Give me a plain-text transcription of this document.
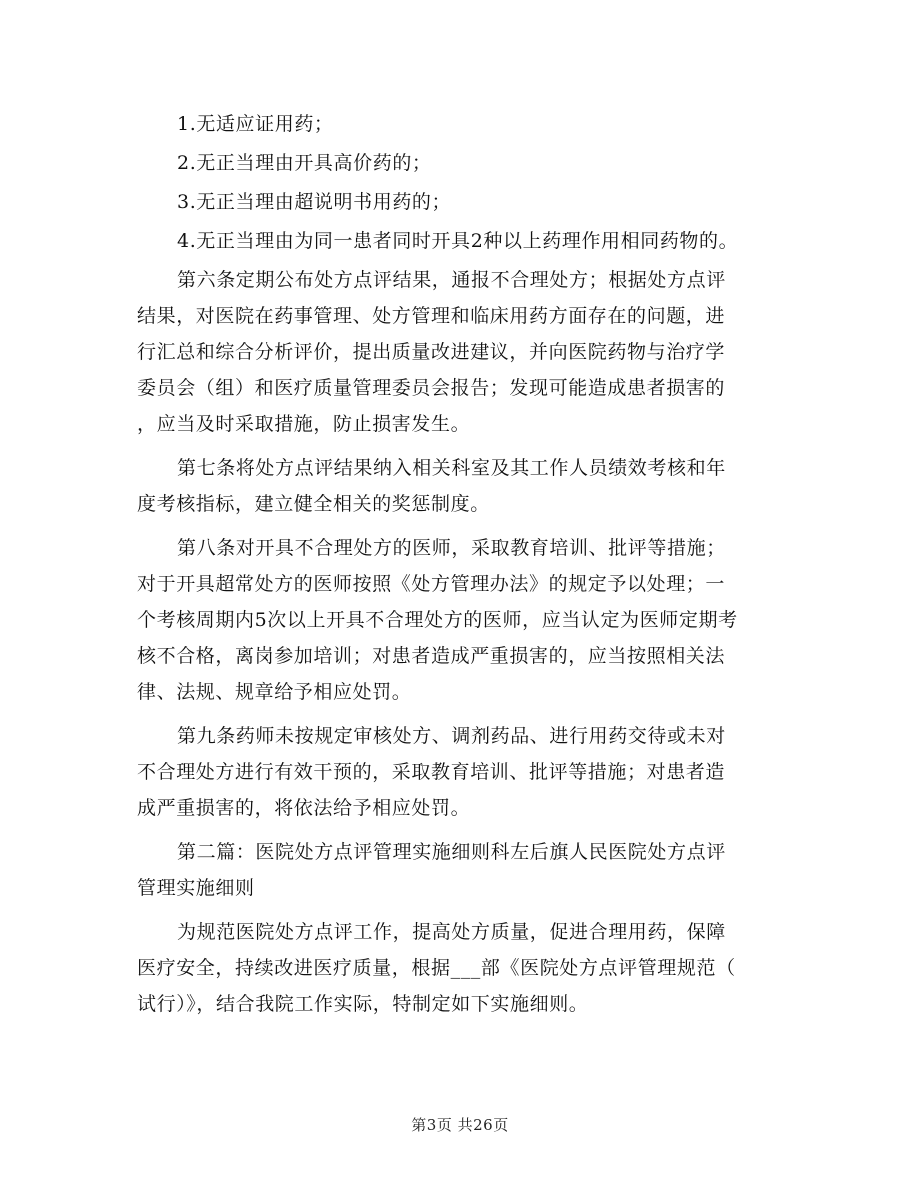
1.无适应证用药；
2.无正当理由开具高价药的；
3.无正当理由超说明书用药的；
4.无正当理由为同一患者同时开具2种以上药理作用相同药物的。
第六条定期公布处方点评结果，通报不合理处方；根据处方点评
结果，对医院在药事管理、处方管理和临床用药方面存在的问题，进
行汇总和综合分析评价，提出质量改进建议，并向医院药物与治疗学
委员会（组）和医疗质量管理委员会报告；发现可能造成患者损害的
，应当及时采取措施，防止损害发生。
第七条将处方点评结果纳入相关科室及其工作人员绩效考核和年
度考核指标，建立健全相关的奖惩制度。
第八条对开具不合理处方的医师，采取教育培训、批评等措施；
对于开具超常处方的医师按照《处方管理办法》的规定予以处理；一
个考核周期内5次以上开具不合理处方的医师，应当认定为医师定期考
核不合格，离岗参加培训；对患者造成严重损害的，应当按照相关法
律、法规、规章给予相应处罚。
第九条药师未按规定审核处方、调剂药品、进行用药交待或未对
不合理处方进行有效干预的，采取教育培训、批评等措施；对患者造
成严重损害的，将依法给予相应处罚。
第二篇：医院处方点评管理实施细则科左后旗人民医院处方点评
管理实施细则
为规范医院处方点评工作，提高处方质量，促进合理用药，保障
医疗安全，持续改进医疗质量，根据___部《医院处方点评管理规范（
试行）》，结合我院工作实际，特制定如下实施细则。
第3页 共26页
